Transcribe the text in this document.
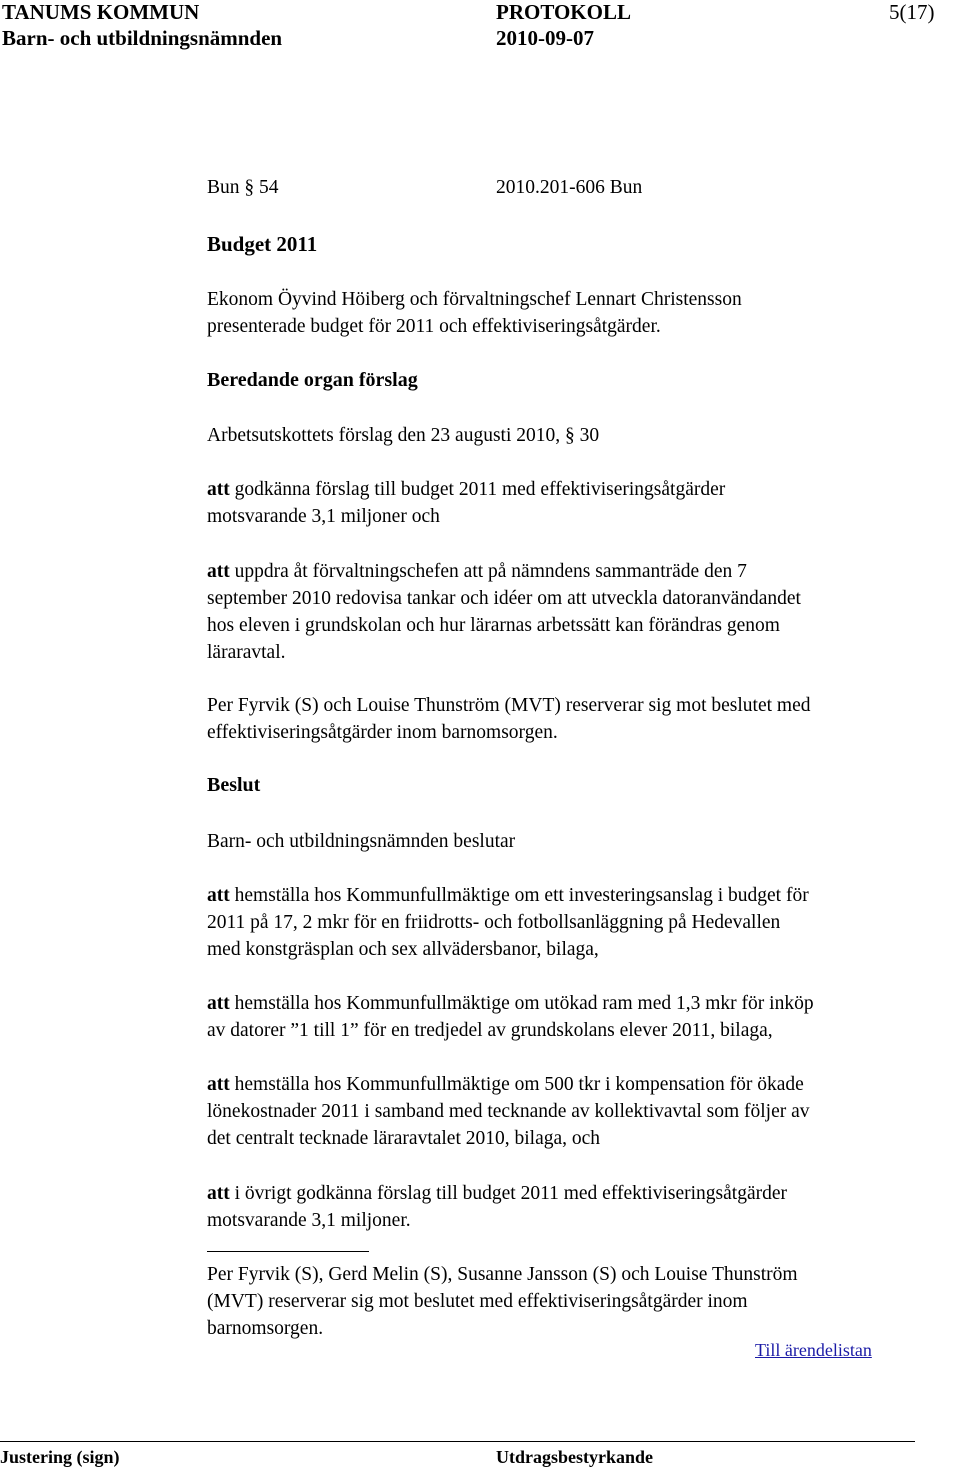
TANUMS KOMMUN	PROTOKOLL	5(17)
Barn- och utbildningsnämnden	2010-09-07
Bun § 54	2010.201-606 Bun
Budget 2011
Ekonom Öyvind Höiberg och förvaltningschef Lennart Christensson
presenterade budget för 2011 och effektiviseringsåtgärder.
Beredande organ förslag
Arbetsutskottets förslag den 23 augusti 2010, § 30
att godkänna förslag till budget 2011 med effektiviseringsåtgärder
motsvarande 3,1 miljoner och
att uppdra åt förvaltningschefen att på nämndens sammanträde den 7
september 2010 redovisa tankar och idéer om att utveckla datoranvändandet
hos eleven i grundskolan och hur lärarnas arbetssätt kan förändras genom
läraravtal.
Per Fyrvik (S) och Louise Thunström (MVT) reserverar sig mot beslutet med
effektiviseringsåtgärder inom barnomsorgen.
Beslut
Barn- och utbildningsnämnden beslutar
att hemställa hos Kommunfullmäktige om ett investeringsanslag i budget för
2011 på 17, 2 mkr för en friidrotts- och fotbollsanläggning på Hedevallen
med konstgräsplan och sex allvädersbanor, bilaga,
att hemställa hos Kommunfullmäktige om utökad ram med 1,3 mkr för inköp
av datorer ”1 till 1” för en tredjedel av grundskolans elever 2011, bilaga,
att hemställa hos Kommunfullmäktige om 500 tkr i kompensation för ökade
lönekostnader 2011 i samband med tecknande av kollektivavtal som följer av
det centralt tecknade läraravtalet 2010, bilaga, och
att i övrigt godkänna förslag till budget 2011 med effektiviseringsåtgärder
motsvarande 3,1 miljoner.
Per Fyrvik (S), Gerd Melin (S), Susanne Jansson (S) och Louise Thunström
(MVT) reserverar sig mot beslutet med effektiviseringsåtgärder inom
barnomsorgen.
Till ärendelistan
Justering (sign)	Utdragsbestyrkande
